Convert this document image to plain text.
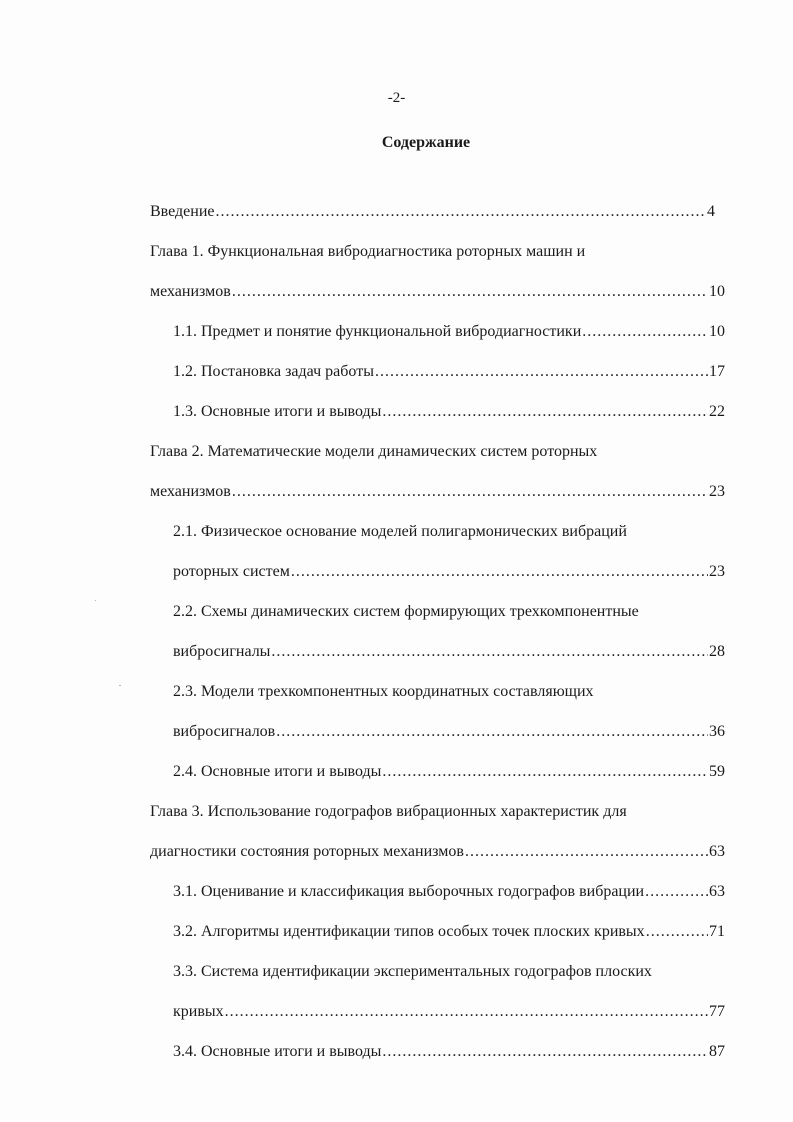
-2-
Содержание
Введение .....	4
Глава 1. Функциональная вибродиагностика роторных машин и
механизмов .....	10
1.1. Предмет и понятие функциональной вибродиагностики .....	10
1.2. Постановка задач работы .....	17
1.3. Основные итоги и выводы .....	22
Глава 2. Математические модели динамических систем роторных
механизмов .....	23
2.1. Физическое основание моделей полигармонических вибраций
роторных систем .....	23
2.2. Схемы динамических систем формирующих трехкомпонентные
вибросигналы .....	28
2.3. Модели трехкомпонентных координатных составляющих
вибросигналов .....	36
2.4. Основные итоги и выводы .....	59
Глава 3. Использование годографов вибрационных характеристик для
диагностики состояния роторных механизмов .....	63
3.1. Оценивание и классификация выборочных годографов вибрации .....	63
3.2. Алгоритмы идентификации типов особых точек плоских кривых .....	71
3.3. Система идентификации экспериментальных годографов плоских
кривых .....	77
3.4. Основные итоги и выводы .....	87
